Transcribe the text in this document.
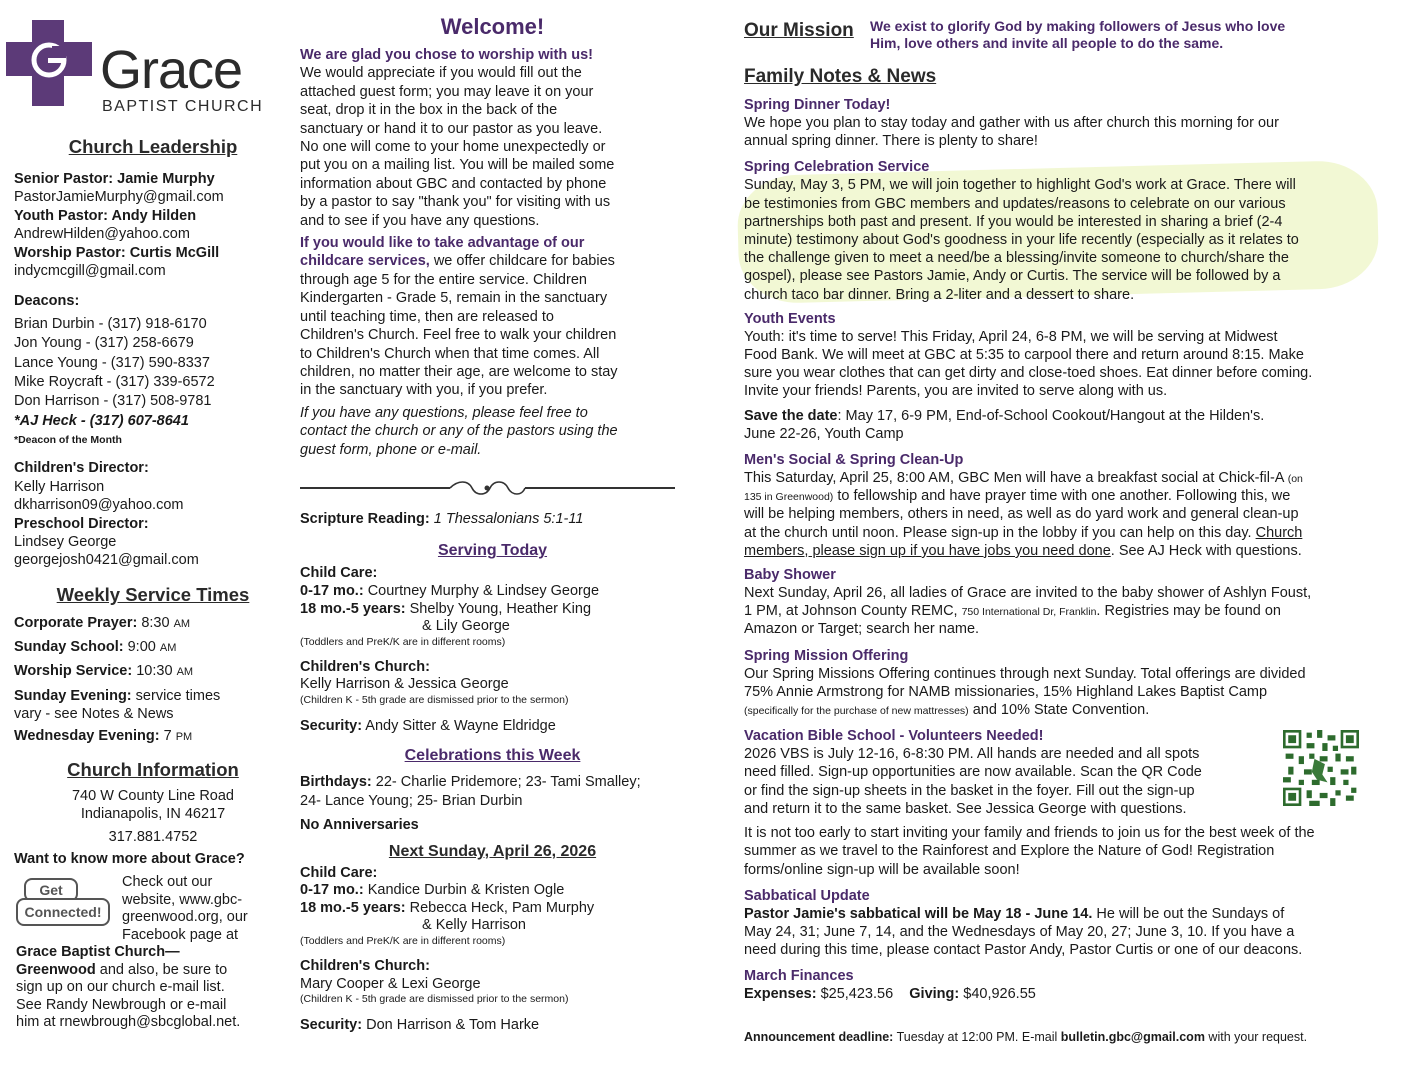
Grace
BAPTIST CHURCH
Church Leadership
Senior Pastor: Jamie Murphy
PastorJamieMurphy@gmail.com
Youth Pastor: Andy Hilden
AndrewHilden@yahoo.com
Worship Pastor: Curtis McGill
indycmcgill@gmail.com
Deacons:
Brian Durbin - (317) 918-6170
Jon Young - (317) 258-6679
Lance Young - (317) 590-8337
Mike Roycraft - (317) 339-6572
Don Harrison - (317) 508-9781
*AJ Heck - (317) 607-8641
*Deacon of the Month
Children's Director:
Kelly Harrison
dkharrison09@yahoo.com
Preschool Director:
Lindsey George
georgejosh0421@gmail.com
Weekly Service Times
Corporate Prayer: 8:30 AM
Sunday School: 9:00 AM
Worship Service: 10:30 AM
Sunday Evening: service times
vary - see Notes & News
Wednesday Evening: 7 PM
Church Information
740 W County Line Road
Indianapolis, IN 46217
317.881.4752
Want to know more about Grace?
Get
Connected!
Check out our
website, www.gbc-
greenwood.org, our
Facebook page at
Grace Baptist Church—
Greenwood and also, be sure to
sign up on our church e-mail list.
See Randy Newbrough or e-mail
him at rnewbrough@sbcglobal.net.
Welcome!
We are glad you chose to worship with us!
We would appreciate if you would fill out the
attached guest form; you may leave it on your
seat, drop it in the box in the back of the
sanctuary or hand it to our pastor as you leave.
No one will come to your home unexpectedly or
put you on a mailing list. You will be mailed some
information about GBC and contacted by phone
by a pastor to say "thank you" for visiting with us
and to see if you have any questions.
If you would like to take advantage of our
childcare services, we offer childcare for babies
through age 5 for the entire service. Children
Kindergarten - Grade 5, remain in the sanctuary
until teaching time, then are released to
Children's Church. Feel free to walk your children
to Children's Church when that time comes. All
children, no matter their age, are welcome to stay
in the sanctuary with you, if you prefer.
If you have any questions, please feel free to
contact the church or any of the pastors using the
guest form, phone or e-mail.
Scripture Reading: 1 Thessalonians 5:1-11
Serving Today
Child Care:
0-17 mo.: Courtney Murphy & Lindsey George
18 mo.-5 years: Shelby Young, Heather King
& Lily George
(Toddlers and PreK/K are in different rooms)
Children's Church:
Kelly Harrison & Jessica George
(Children K - 5th grade are dismissed prior to the sermon)
Security: Andy Sitter & Wayne Eldridge
Celebrations this Week
Birthdays: 22- Charlie Pridemore; 23- Tami Smalley;
24- Lance Young; 25- Brian Durbin
No Anniversaries
Next Sunday, April 26, 2026
Child Care:
0-17 mo.: Kandice Durbin & Kristen Ogle
18 mo.-5 years: Rebecca Heck, Pam Murphy
& Kelly Harrison
(Toddlers and PreK/K are in different rooms)
Children's Church:
Mary Cooper & Lexi George
(Children K - 5th grade are dismissed prior to the sermon)
Security: Don Harrison & Tom Harke
Our Mission We exist to glorify God by making followers of Jesus who love
Him, love others and invite all people to do the same.
Family Notes & News
Spring Dinner Today!
We hope you plan to stay today and gather with us after church this morning for our
annual spring dinner. There is plenty to share!
Spring Celebration Service
Sunday, May 3, 5 PM, we will join together to highlight God's work at Grace. There will
be testimonies from GBC members and updates/reasons to celebrate on our various
partnerships both past and present. If you would be interested in sharing a brief (2-4
minute) testimony about God's goodness in your life recently (especially as it relates to
the challenge given to meet a need/be a blessing/invite someone to church/share the
gospel), please see Pastors Jamie, Andy or Curtis. The service will be followed by a
church taco bar dinner. Bring a 2-liter and a dessert to share.
Youth Events
Youth: it's time to serve! This Friday, April 24, 6-8 PM, we will be serving at Midwest
Food Bank. We will meet at GBC at 5:35 to carpool there and return around 8:15. Make
sure you wear clothes that can get dirty and close-toed shoes. Eat dinner before coming.
Invite your friends! Parents, you are invited to serve along with us.
Save the date: May 17, 6-9 PM, End-of-School Cookout/Hangout at the Hilden's.
June 22-26, Youth Camp
Men's Social & Spring Clean-Up
This Saturday, April 25, 8:00 AM, GBC Men will have a breakfast social at Chick-fil-A (on
135 in Greenwood) to fellowship and have prayer time with one another. Following this, we
will be helping members, others in need, as well as do yard work and general clean-up
at the church until noon. Please sign-up in the lobby if you can help on this day. Church
members, please sign up if you have jobs you need done. See AJ Heck with questions.
Baby Shower
Next Sunday, April 26, all ladies of Grace are invited to the baby shower of Ashlyn Foust,
1 PM, at Johnson County REMC, 750 International Dr, Franklin. Registries may be found on
Amazon or Target; search her name.
Spring Mission Offering
Our Spring Missions Offering continues through next Sunday. Total offerings are divided
75% Annie Armstrong for NAMB missionaries, 15% Highland Lakes Baptist Camp
(specifically for the purchase of new mattresses) and 10% State Convention.
Vacation Bible School - Volunteers Needed!
2026 VBS is July 12-16, 6-8:30 PM. All hands are needed and all spots
need filled. Sign-up opportunities are now available. Scan the QR Code
or find the sign-up sheets in the basket in the foyer. Fill out the sign-up
and return it to the same basket. See Jessica George with questions.
It is not too early to start inviting your family and friends to join us for the best week of the
summer as we travel to the Rainforest and Explore the Nature of God! Registration
forms/online sign-up will be available soon!
Sabbatical Update
Pastor Jamie's sabbatical will be May 18 - June 14. He will be out the Sundays of
May 24, 31; June 7, 14, and the Wednesdays of May 20, 27; June 3, 10. If you have a
need during this time, please contact Pastor Andy, Pastor Curtis or one of our deacons.
March Finances
Expenses: $25,423.56 Giving: $40,926.55
Announcement deadline: Tuesday at 12:00 PM. E-mail bulletin.gbc@gmail.com with your request.
